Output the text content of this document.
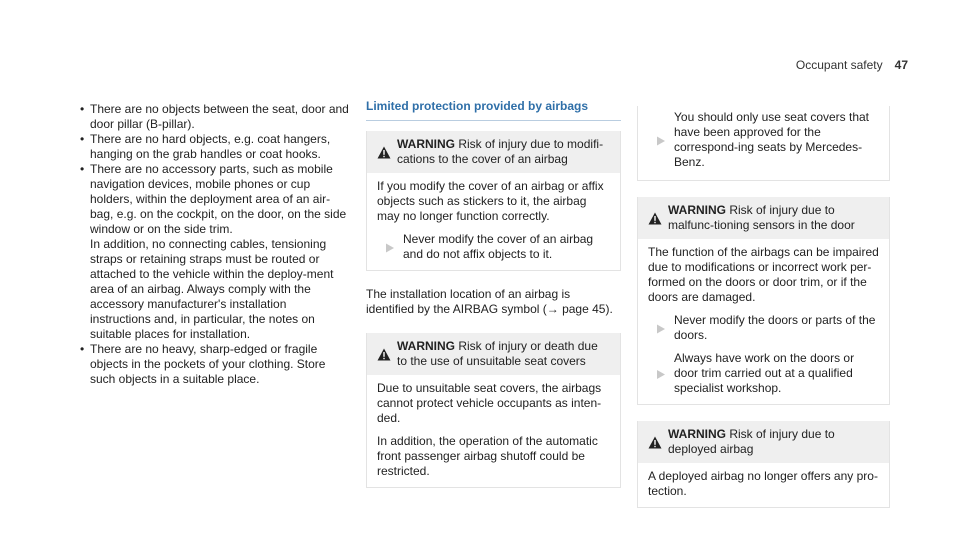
Occupant safety 47
• There are no objects between the seat, door and door pillar (B-pillar).

• There are no hard objects, e.g. coat hangers, hanging on the grab handles or coat hooks.

• There are no accessory parts, such as mobile navigation devices, mobile phones or cup holders, within the deployment area of an air-bag, e.g. on the cockpit, on the door, on the side window or on the side trim.

In addition, no connecting cables, tensioning straps or retaining straps must be routed or attached to the vehicle within the deploy-ment area of an airbag. Always comply with the accessory manufacturer's installation instructions and, in particular, the notes on suitable places for installation.

• There are no heavy, sharp-edged or fragile objects in the pockets of your clothing. Store such objects in a suitable place.

Limited protection provided by airbags
WARNING Risk of injury due to modifi-cations to the cover of an airbag

If you modify the cover of an airbag or affix objects such as stickers to it, the airbag may no longer function correctly.

Never modify the cover of an airbag and do not affix objects to it.

The installation location of an airbag is identified by the AIRBAG symbol (→ page 45).

WARNING Risk of injury or death due to the use of unsuitable seat covers

Due to unsuitable seat covers, the airbags cannot protect vehicle occupants as inten-ded.

In addition, the operation of the automatic front passenger airbag shutoff could be restricted.

You should only use seat covers that have been approved for the correspond-ing seats by Mercedes-Benz.
WARNING Risk of injury due to malfunc-tioning sensors in the door

The function of the airbags can be impaired due to modifications or incorrect work per-formed on the doors or door trim, or if the doors are damaged.

Never modify the doors or parts of the doors.
Always have work on the doors or door trim carried out at a qualified specialist workshop.
WARNING Risk of injury due to deployed airbag

A deployed airbag no longer offers any pro-tection.
